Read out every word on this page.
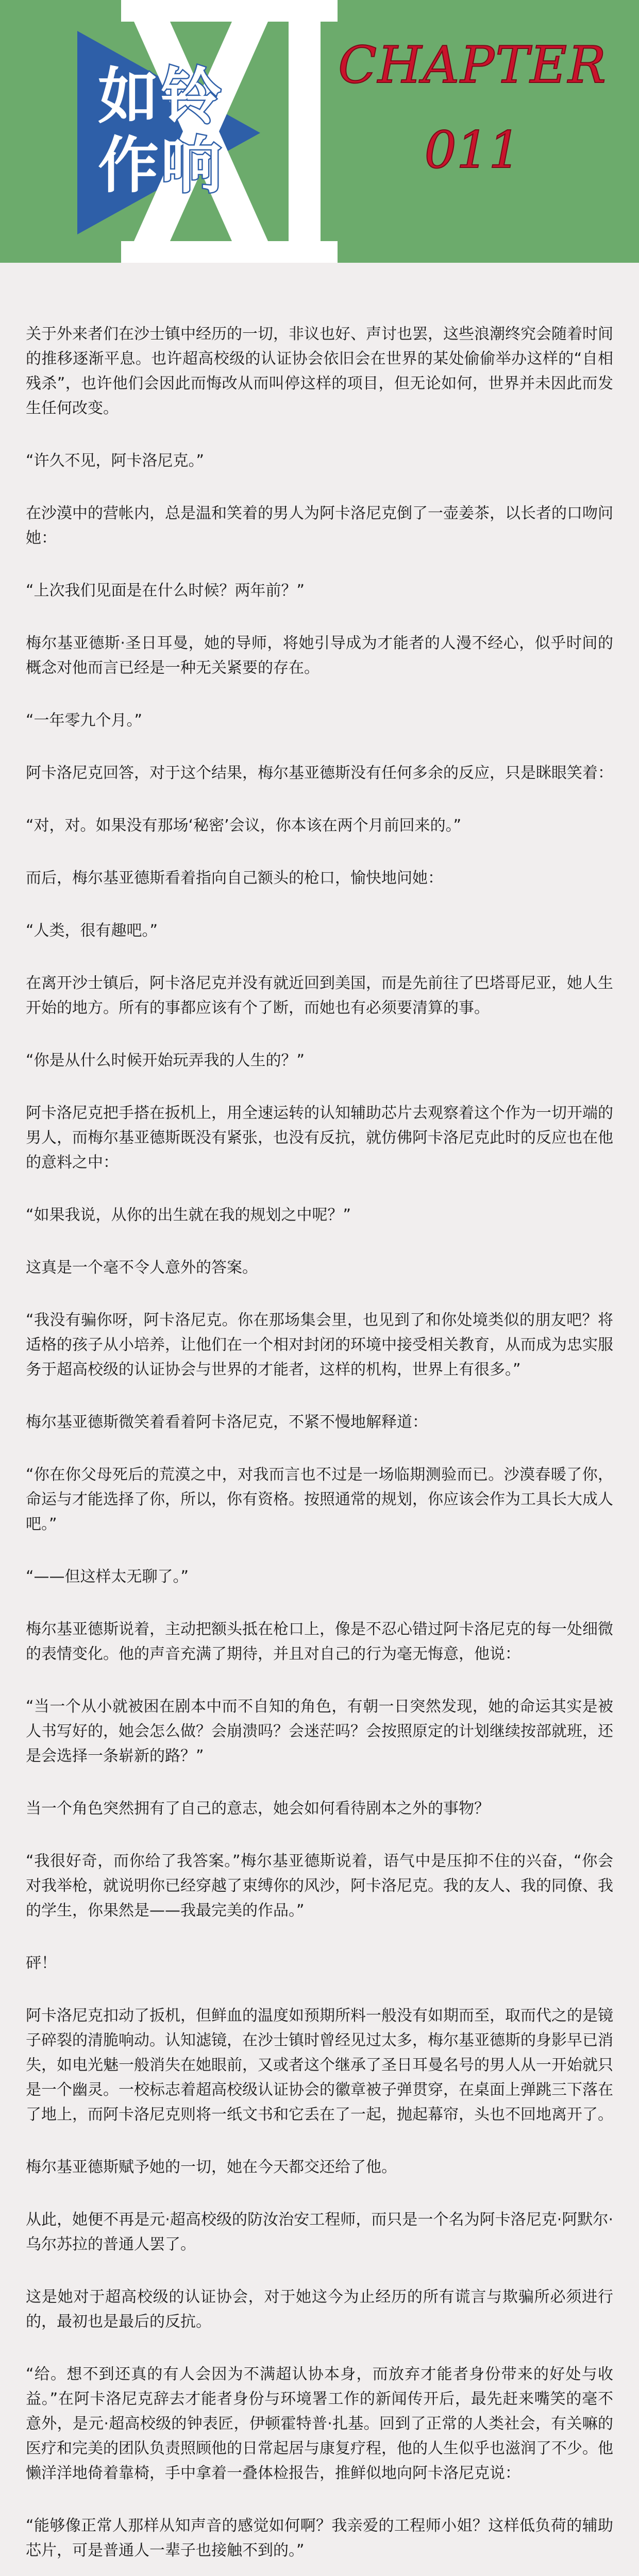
如铃
作响
CHAPTER
011

关于外来者们在沙士镇中经历的一切，非议也好、声讨也罢，这些浪潮终究会随着时间的推移逐渐平息。也许超高校级的认证协会依旧会在世界的某处偷偷举办这样的“自相残杀”，也许他们会因此而悔改从而叫停这样的项目，但无论如何，世界并未因此而发生任何改变。

“许久不见，阿卡洛尼克。”

在沙漠中的营帐内，总是温和笑着的男人为阿卡洛尼克倒了一壶姜茶，以长者的口吻问她：

“上次我们见面是在什么时候？两年前？”

梅尔基亚德斯·圣日耳曼，她的导师，将她引导成为才能者的人漫不经心，似乎时间的概念对他而言已经是一种无关紧要的存在。

“一年零九个月。”

阿卡洛尼克回答，对于这个结果，梅尔基亚德斯没有任何多余的反应，只是眯眼笑着：

“对，对。如果没有那场‘秘密’会议，你本该在两个月前回来的。”

而后，梅尔基亚德斯看着指向自己额头的枪口，愉快地问她：

“人类，很有趣吧。”

在离开沙士镇后，阿卡洛尼克并没有就近回到美国，而是先前往了巴塔哥尼亚，她人生开始的地方。所有的事都应该有个了断，而她也有必须要清算的事。

“你是从什么时候开始玩弄我的人生的？”

阿卡洛尼克把手搭在扳机上，用全速运转的认知辅助芯片去观察着这个作为一切开端的男人，而梅尔基亚德斯既没有紧张，也没有反抗，就仿佛阿卡洛尼克此时的反应也在他的意料之中：

“如果我说，从你的出生就在我的规划之中呢？”

这真是一个毫不令人意外的答案。

“我没有骗你呀，阿卡洛尼克。你在那场集会里，也见到了和你处境类似的朋友吧？将适格的孩子从小培养，让他们在一个相对封闭的环境中接受相关教育，从而成为忠实服务于超高校级的认证协会与世界的才能者，这样的机构，世界上有很多。”

梅尔基亚德斯微笑着看着阿卡洛尼克，不紧不慢地解释道：

“你在你父母死后的荒漠之中，对我而言也不过是一场临期测验而已。沙漠春暖了你，命运与才能选择了你，所以，你有资格。按照通常的规划，你应该会作为工具长大成人吧。”

“——但这样太无聊了。”

梅尔基亚德斯说着，主动把额头抵在枪口上，像是不忍心错过阿卡洛尼克的每一处细微的表情变化。他的声音充满了期待，并且对自己的行为毫无悔意，他说：

“当一个从小就被困在剧本中而不自知的角色，有朝一日突然发现，她的命运其实是被人书写好的，她会怎么做？会崩溃吗？会迷茫吗？会按照原定的计划继续按部就班，还是会选择一条崭新的路？”

当一个角色突然拥有了自己的意志，她会如何看待剧本之外的事物？

“我很好奇，而你给了我答案。”梅尔基亚德斯说着，语气中是压抑不住的兴奋，“你会对我举枪，就说明你已经穿越了束缚你的风沙，阿卡洛尼克。我的友人、我的同僚、我的学生，你果然是——我最完美的作品。”

砰！

阿卡洛尼克扣动了扳机，但鲜血的温度如预期所料一般没有如期而至，取而代之的是镜子碎裂的清脆响动。认知滤镜，在沙士镇时曾经见过太多，梅尔基亚德斯的身影早已消失，如电光魅一般消失在她眼前，又或者这个继承了圣日耳曼名号的男人从一开始就只是一个幽灵。一校标志着超高校级认证协会的徽章被子弹贯穿，在桌面上弹跳三下落在了地上，而阿卡洛尼克则将一纸文书和它丢在了一起，抛起幕帘，头也不回地离开了。

梅尔基亚德斯赋予她的一切，她在今天都交还给了他。

从此，她便不再是元·超高校级的防汝治安工程师，而只是一个名为阿卡洛尼克·阿默尔·乌尔苏拉的普通人罢了。

这是她对于超高校级的认证协会，对于她这今为止经历的所有谎言与欺骗所必须进行的，最初也是最后的反抗。

“给。想不到还真的有人会因为不满超认协本身，而放弃才能者身份带来的好处与收益。”在阿卡洛尼克辞去才能者身份与环境署工作的新闻传开后，最先赶来嘴笑的毫不意外，是元·超高校级的钟表匠，伊顿霍特普·扎基。回到了正常的人类社会，有关嘛的医疗和完美的团队负责照顾他的日常起居与康复疗程，他的人生似乎也滋润了不少。他懒洋洋地倚着靠椅，手中拿着一叠体检报告，推鲜似地向阿卡洛尼克说：

“能够像正常人那样从知声音的感觉如何啊？我亲爱的工程师小姐？这样低负荷的辅助芯片，可是普通人一辈子也接触不到的。”
